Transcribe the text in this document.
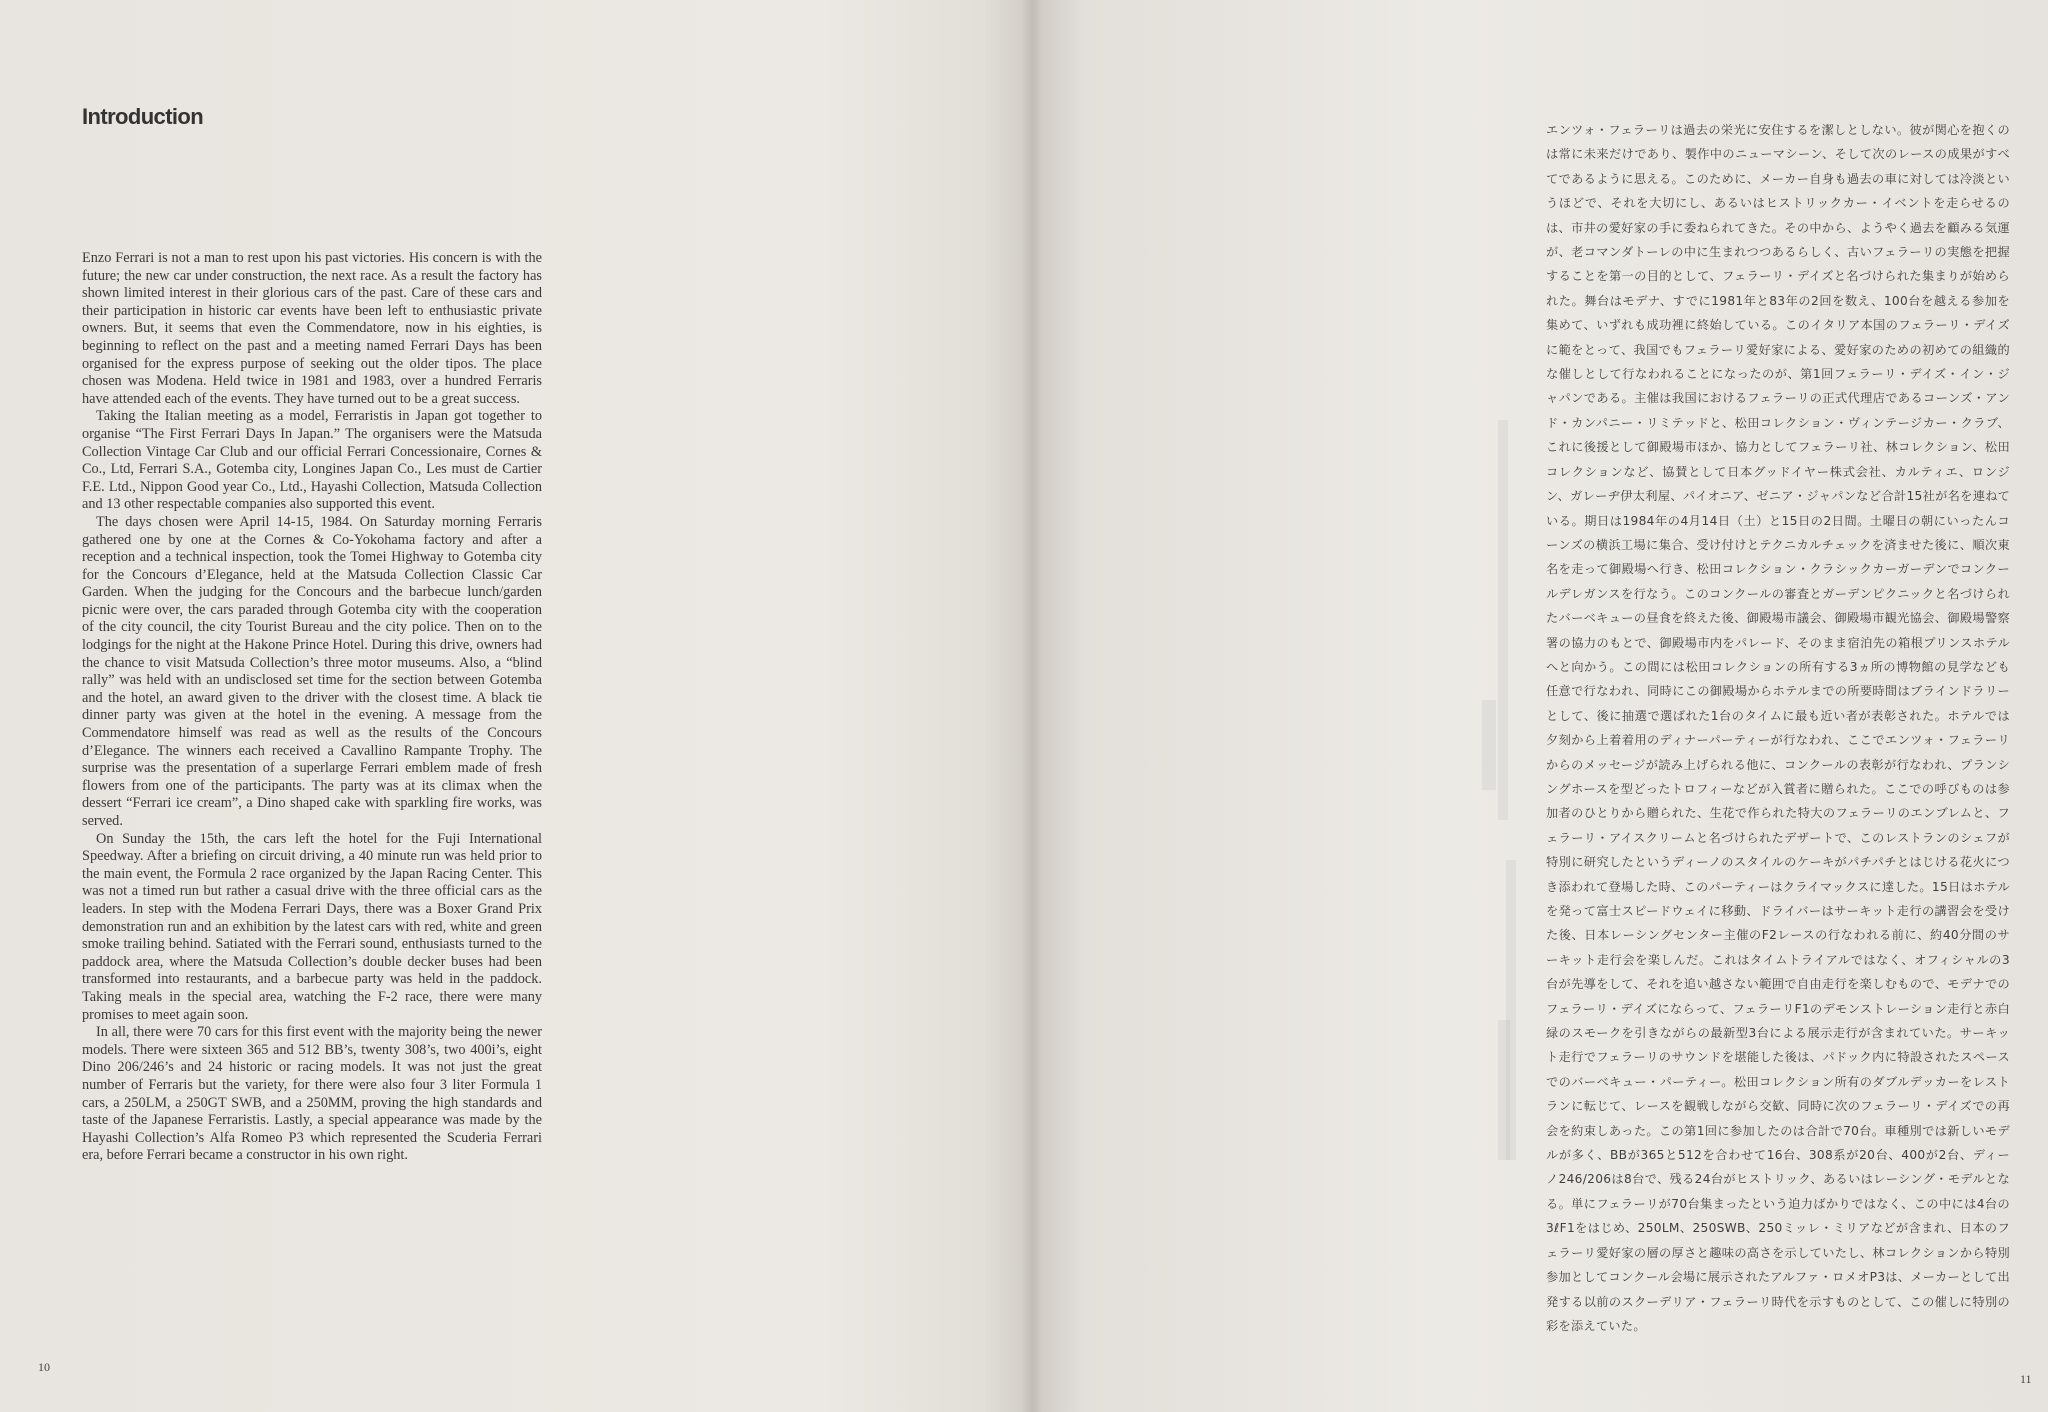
Introduction

Enzo Ferrari is not a man to rest upon his past victories. His concern is with the future; the new car under construction, the next race. As a result the factory has shown limited interest in their glorious cars of the past. Care of these cars and their participation in historic car events have been left to enthusiastic private owners. But, it seems that even the Commendatore, now in his eighties, is beginning to reflect on the past and a meeting named Ferrari Days has been organised for the express purpose of seeking out the older tipos. The place chosen was Modena. Held twice in 1981 and 1983, over a hundred Ferraris have attended each of the events. They have turned out to be a great success.

Taking the Italian meeting as a model, Ferraristis in Japan got together to organise “The First Ferrari Days In Japan.” The organisers were the Matsuda Collection Vintage Car Club and our official Ferrari Concessionaire, Cornes & Co., Ltd, Ferrari S.A., Gotemba city, Longines Japan Co., Les must de Cartier F.E. Ltd., Nippon Good year Co., Ltd., Hayashi Collection, Matsuda Collection and 13 other respectable companies also supported this event.

The days chosen were April 14-15, 1984. On Saturday morning Ferraris gathered one by one at the Cornes & Co-Yokohama factory and after a reception and a technical inspection, took the Tomei Highway to Gotemba city for the Concours d’Elegance, held at the Matsuda Collection Classic Car Garden. When the judging for the Concours and the barbecue lunch/garden picnic were over, the cars paraded through Gotemba city with the cooperation of the city council, the city Tourist Bureau and the city police. Then on to the lodgings for the night at the Hakone Prince Hotel. During this drive, owners had the chance to visit Matsuda Collection’s three motor museums. Also, a “blind rally” was held with an undisclosed set time for the section between Gotemba and the hotel, an award given to the driver with the closest time. A black tie dinner party was given at the hotel in the evening. A message from the Commendatore himself was read as well as the results of the Concours d’Elegance. The winners each received a Cavallino Rampante Trophy. The surprise was the presentation of a superlarge Ferrari emblem made of fresh flowers from one of the participants. The party was at its climax when the dessert “Ferrari ice cream”, a Dino shaped cake with sparkling fire works, was served.

On Sunday the 15th, the cars left the hotel for the Fuji International Speedway. After a briefing on circuit driving, a 40 minute run was held prior to the main event, the Formula 2 race organized by the Japan Racing Center. This was not a timed run but rather a casual drive with the three official cars as the leaders. In step with the Modena Ferrari Days, there was a Boxer Grand Prix demonstration run and an exhibition by the latest cars with red, white and green smoke trailing behind. Satiated with the Ferrari sound, enthusiasts turned to the paddock area, where the Matsuda Collection’s double decker buses had been transformed into restaurants, and a barbecue party was held in the paddock. Taking meals in the special area, watching the F-2 race, there were many promises to meet again soon.

In all, there were 70 cars for this first event with the majority being the newer models. There were sixteen 365 and 512 BB’s, twenty 308’s, two 400i’s, eight Dino 206/246’s and 24 historic or racing models. It was not just the great number of Ferraris but the variety, for there were also four 3 liter Formula 1 cars, a 250LM, a 250GT SWB, and a 250MM, proving the high standards and taste of the Japanese Ferraristis. Lastly, a special appearance was made by the Hayashi Collection’s Alfa Romeo P3 which represented the Scuderia Ferrari era, before Ferrari became a constructor in his own right.

10
エンツォ・フェラーリは過去の栄光に安住するを潔しとしない。彼が関心を抱くのは常に未来だけであり、製作中のニューマシーン、そして次のレースの成果がすべてであるように思える。このために、メーカー自身も過去の車に対しては冷淡というほどで、それを大切にし、あるいはヒストリックカー・イベントを走らせるのは、市井の愛好家の手に委ねられてきた。その中から、ようやく過去を顧みる気運が、老コマンダトーレの中に生まれつつあるらしく、古いフェラーリの実態を把握することを第一の目的として、フェラーリ・デイズと名づけられた集まりが始められた。舞台はモデナ、すでに1981年と83年の2回を数え、100台を越える参加を集めて、いずれも成功裡に終始している。このイタリア本国のフェラーリ・デイズに範をとって、我国でもフェラーリ愛好家による、愛好家のための初めての組織的な催しとして行なわれることになったのが、第1回フェラーリ・デイズ・イン・ジャパンである。主催は我国におけるフェラーリの正式代理店であるコーンズ・アンド・カンパニー・リミテッドと、松田コレクション・ヴィンテージカー・クラブ、これに後援として御殿場市ほか、協力としてフェラーリ社、林コレクション、松田コレクションなど、協賛として日本グッドイヤー株式会社、カルティエ、ロンジン、ガレーヂ伊太利屋、パイオニア、ゼニア・ジャパンなど合計15社が名を連ねている。期日は1984年の4月14日（土）と15日の2日間。土曜日の朝にいったんコーンズの横浜工場に集合、受け付けとテクニカルチェックを済ませた後に、順次東名を走って御殿場へ行き、松田コレクション・クラシックカーガーデンでコンクールデレガンスを行なう。このコンクールの審査とガーデンピクニックと名づけられたバーベキューの昼食を終えた後、御殿場市議会、御殿場市観光協会、御殿場警察署の協力のもとで、御殿場市内をパレード、そのまま宿泊先の箱根プリンスホテルへと向かう。この間には松田コレクションの所有する3ヵ所の博物館の見学なども任意で行なわれ、同時にこの御殿場からホテルまでの所要時間はブラインドラリーとして、後に抽選で選ばれた1台のタイムに最も近い者が表彰された。ホテルでは夕刻から上着着用のディナーパーティーが行なわれ、ここでエンツォ・フェラーリからのメッセージが読み上げられる他に、コンクールの表彰が行なわれ、プランシングホースを型どったトロフィーなどが入賞者に贈られた。ここでの呼びものは参加者のひとりから贈られた、生花で作られた特大のフェラーリのエンブレムと、フェラーリ・アイスクリームと名づけられたデザートで、このレストランのシェフが特別に研究したというディーノのスタイルのケーキがパチパチとはじける花火につき添われて登場した時、このパーティーはクライマックスに達した。15日はホテルを発って富士スピードウェイに移動、ドライバーはサーキット走行の講習会を受けた後、日本レーシングセンター主催のF2レースの行なわれる前に、約40分間のサーキット走行会を楽しんだ。これはタイムトライアルではなく、オフィシャルの3台が先導をして、それを追い越さない範囲で自由走行を楽しむもので、モデナでのフェラーリ・デイズにならって、フェラーリF1のデモンストレーション走行と赤白緑のスモークを引きながらの最新型3台による展示走行が含まれていた。サーキット走行でフェラーリのサウンドを堪能した後は、パドック内に特設されたスペースでのバーベキュー・パーティー。松田コレクション所有のダブルデッカーをレストランに転じて、レースを観戦しながら交歓、同時に次のフェラーリ・デイズでの再会を約束しあった。この第1回に参加したのは合計で70台。車種別では新しいモデルが多く、BBが365と512を合わせて16台、308系が20台、400が2台、ディーノ246/206は8台で、残る24台がヒストリック、あるいはレーシング・モデルとなる。単にフェラーリが70台集まったという迫力ばかりではなく、この中には4台の3ℓF1をはじめ、250LM、250SWB、250ミッレ・ミリアなどが含まれ、日本のフェラーリ愛好家の層の厚さと趣味の高さを示していたし、林コレクションから特別参加としてコンクール会場に展示されたアルファ・ロメオP3は、メーカーとして出発する以前のスクーデリア・フェラーリ時代を示すものとして、この催しに特別の彩を添えていた。
11
